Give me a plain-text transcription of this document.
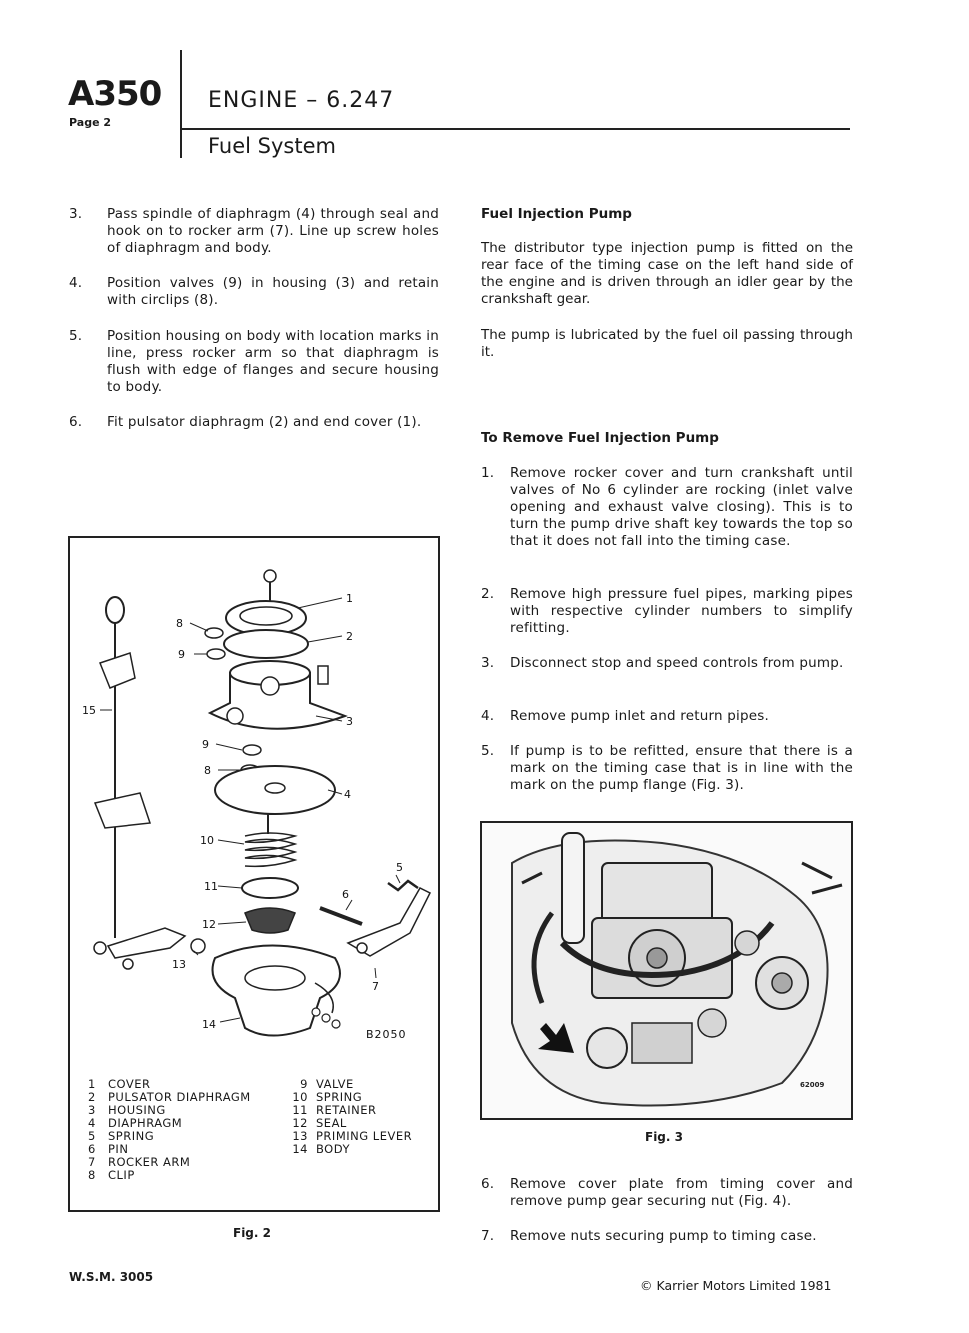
A350
Page 2
ENGINE – 6.247
Fuel System
3. Pass spindle of diaphragm (4) through seal and hook on to rocker arm (7). Line up screw holes of diaphragm and body.
4. Position valves (9) in housing (3) and retain with circlips (8).
5. Position housing on body with location marks in line, press rocker arm so that diaphragm is flush with edge of flanges and secure housing to body.
6. Fit pulsator diaphragm (2) and end cover (1).
Fuel Injection Pump
The distributor type injection pump is fitted on the rear face of the timing case on the left hand side of the engine and is driven through an idler gear by the crankshaft gear.
The pump is lubricated by the fuel oil passing through it.
To Remove Fuel Injection Pump
1. Remove rocker cover and turn crankshaft until valves of No 6 cylinder are rocking (inlet valve opening and exhaust valve closing). This is to turn the pump drive shaft key towards the top so that it does not fall into the timing case.
2. Remove high pressure fuel pipes, marking pipes with respective cylinder numbers to simplify refitting.
3. Disconnect stop and speed controls from pump.
4. Remove pump inlet and return pipes.
5. If pump is to be refitted, ensure that there is a mark on the timing case that is in line with the mark on the pump flange (Fig. 3).
62009
Fig. 3
6. Remove cover plate from timing cover and remove pump gear securing nut (Fig. 4).
7. Remove nuts securing pump to timing case.
1
2
3
4
5
6
7
8
9
9
8
10
11
12
13
14
15
B2050
1	COVER
2	PULSATOR DIAPHRAGM
3	HOUSING
4	DIAPHRAGM
5	SPRING
6	PIN
7	ROCKER ARM
8	CLIP
9 VALVE
10 SPRING
11 RETAINER
12 SEAL
13 PRIMING LEVER
14 BODY
Fig. 2
W.S.M. 3005
© Karrier Motors Limited 1981
